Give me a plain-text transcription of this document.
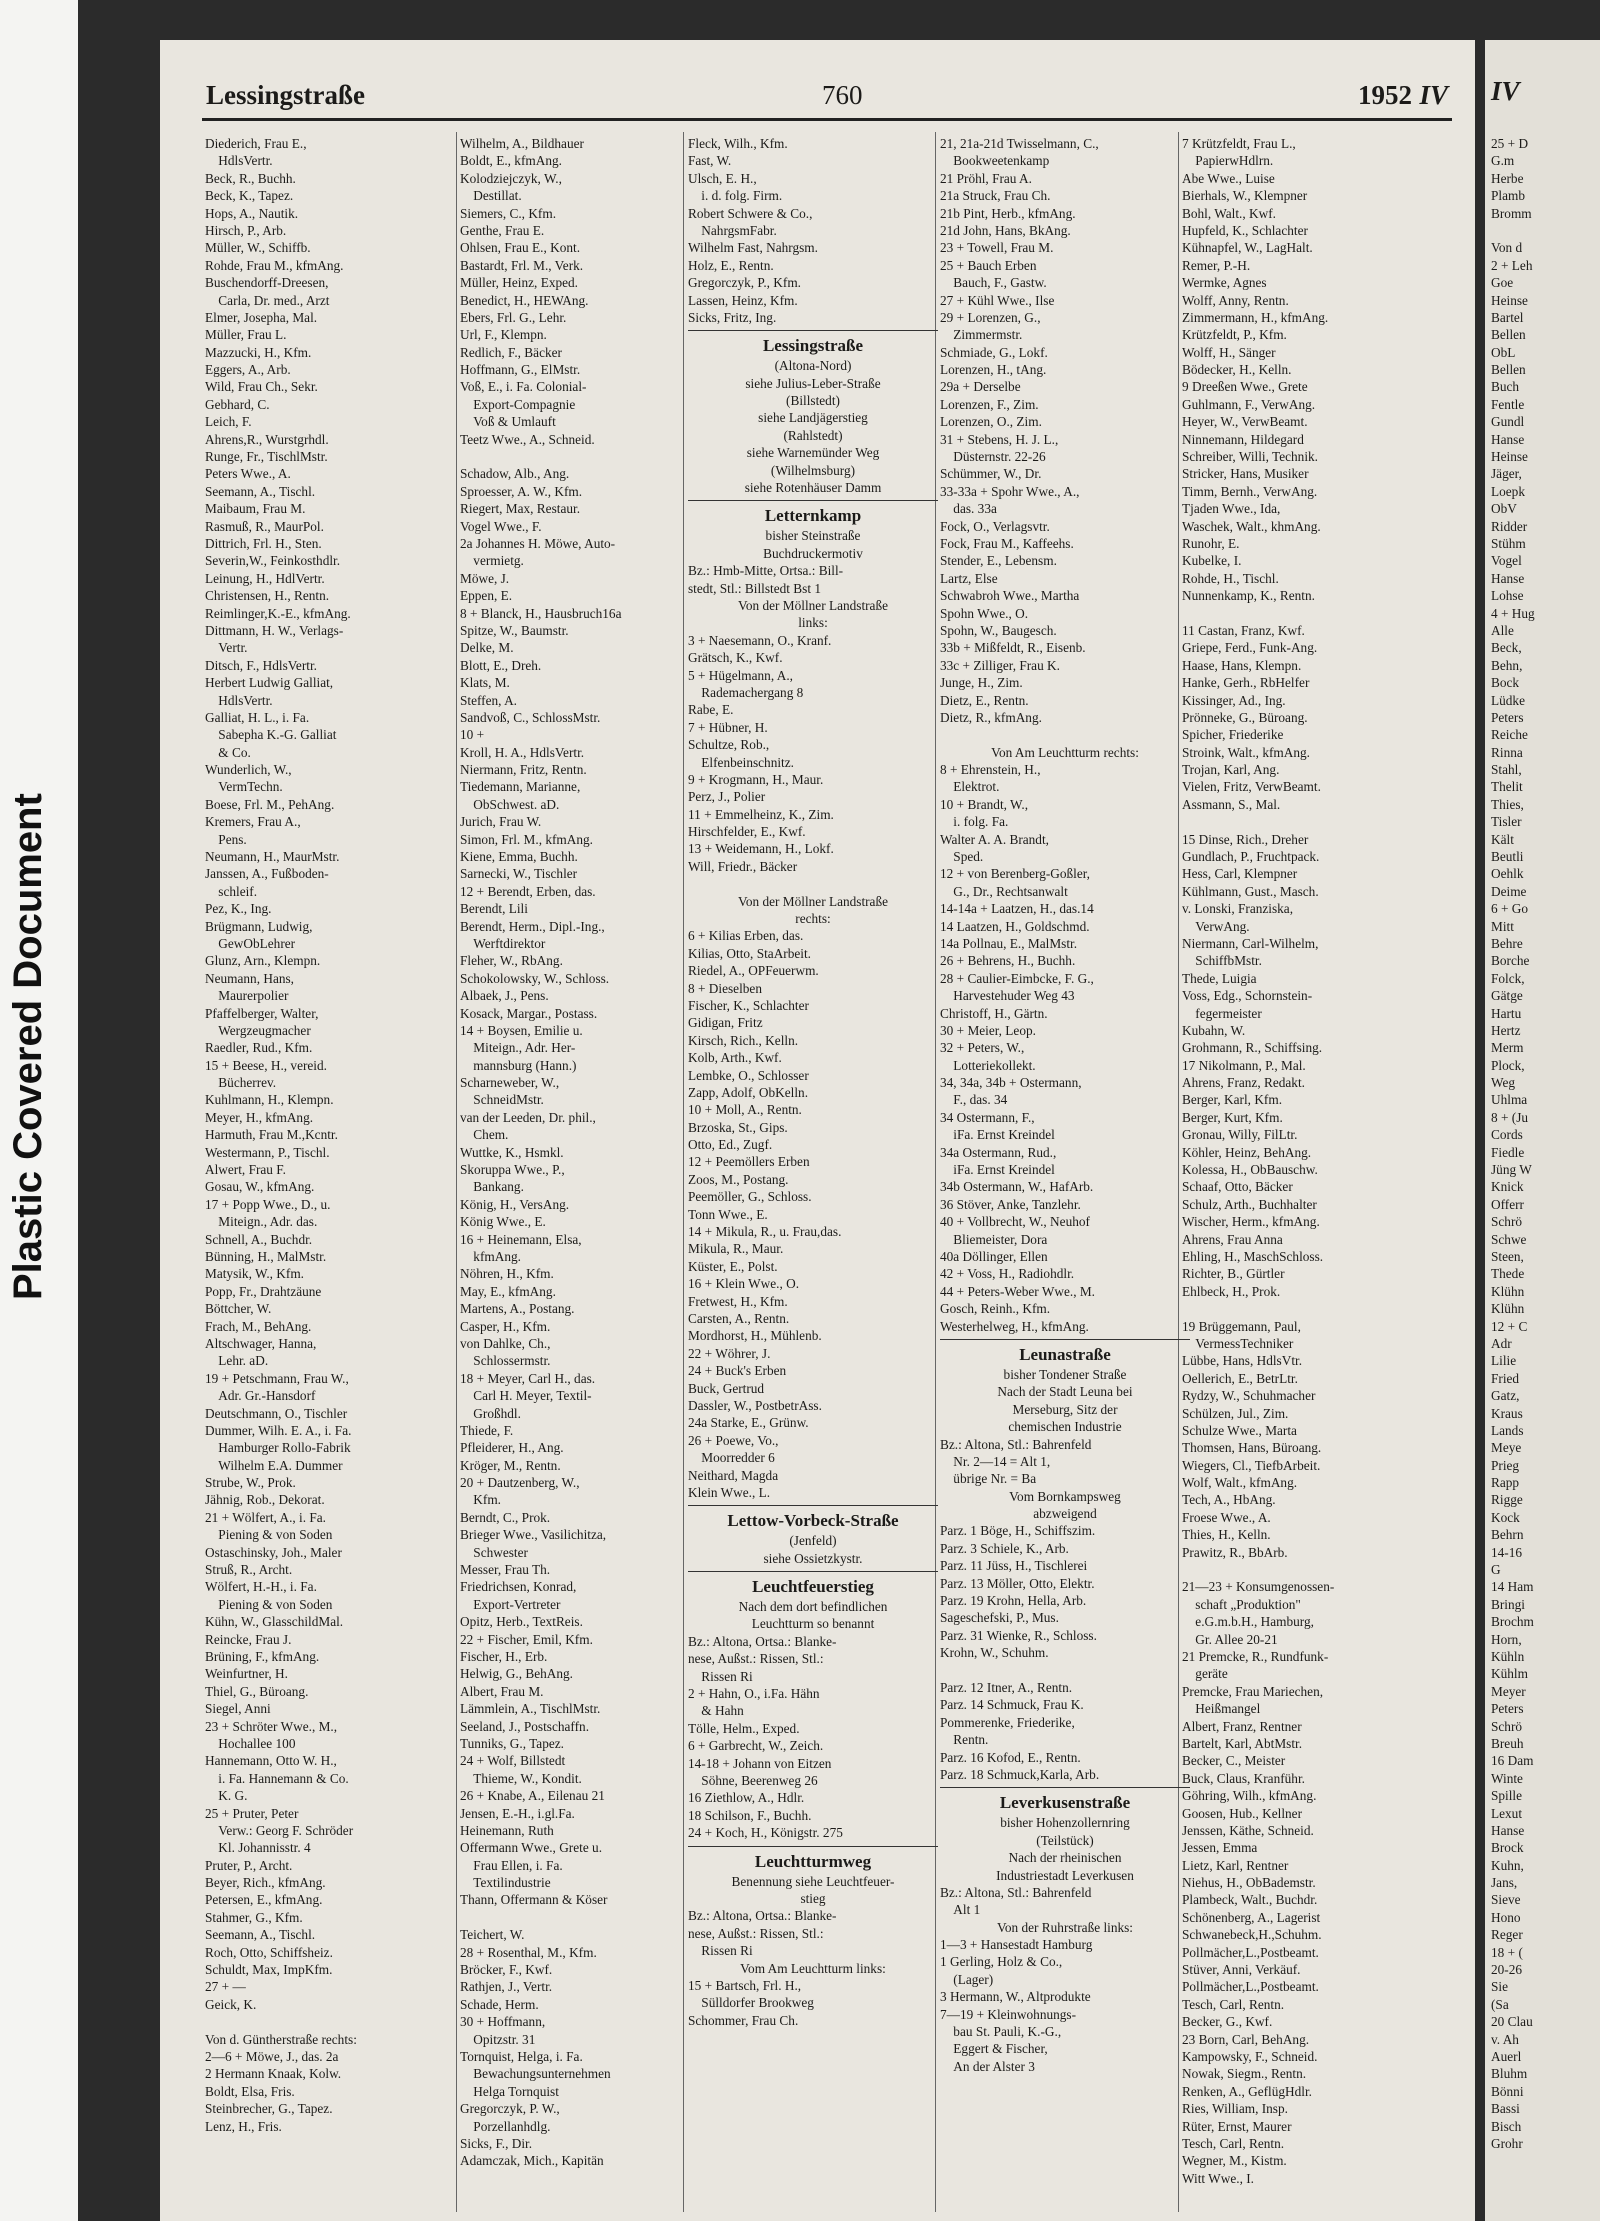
Plastic Covered Document
Lessingstraße	760	1952 IV
Diederich, Frau E.,
 HdlsVertr.
Beck, R., Buchh.
Beck, K., Tapez.
Hops, A., Nautik.
Hirsch, P., Arb.
Müller, W., Schiffb.
Rohde, Frau M., kfmAng.
Buschendorff-Dreesen,
 Carla, Dr. med., Arzt
Elmer, Josepha, Mal.
Müller, Frau L.
Mazzucki, H., Kfm.
Eggers, A., Arb.
Wild, Frau Ch., Sekr.
Gebhard, C.
Leich, F.
Ahrens,R., Wurstgrhdl.
Runge, Fr., TischlMstr.
Peters Wwe., A.
Seemann, A., Tischl.
Maibaum, Frau M.
Rasmuß, R., MaurPol.
Dittrich, Frl. H., Sten.
Severin,W., Feinkosthdlr.
Leinung, H., HdlVertr.
Christensen, H., Rentn.
Reimlinger,K.-E., kfmAng.
Dittmann, H. W., Verlags-
 Vertr.
Ditsch, F., HdlsVertr.
Herbert Ludwig Galliat,
 HdlsVertr.
Galliat, H. L., i. Fa.
 Sabepha K.-G. Galliat
 & Co.
Wunderlich, W.,
 VermTechn.
Boese, Frl. M., PehAng.
Kremers, Frau A.,
 Pens.
Neumann, H., MaurMstr.
Janssen, A., Fußboden-
 schleif.
Pez, K., Ing.
Brügmann, Ludwig,
 GewObLehrer
Glunz, Arn., Klempn.
Neumann, Hans,
 Maurerpolier
Pfaffelberger, Walter,
 Wergzeugmacher
Raedler, Rud., Kfm.
15 + Beese, H., vereid.
 Bücherrev.
Kuhlmann, H., Klempn.
Meyer, H., kfmAng.
Harmuth, Frau M.,Kcntr.
Westermann, P., Tischl.
Alwert, Frau F.
Gosau, W., kfmAng.
17 + Popp Wwe., D., u.
 Miteign., Adr. das.
Schnell, A., Buchdr.
Bünning, H., MalMstr.
Matysik, W., Kfm.
Popp, Fr., Drahtzäune
Böttcher, W.
Frach, M., BehAng.
Altschwager, Hanna,
 Lehr. aD.
19 + Petschmann, Frau W.,
 Adr. Gr.-Hansdorf
Deutschmann, O., Tischler
Dummer, Wilh. E. A., i. Fa.
 Hamburger Rollo-Fabrik
 Wilhelm E.A. Dummer
Strube, W., Prok.
Jähnig, Rob., Dekorat.
21 + Wölfert, A., i. Fa.
 Piening & von Soden
Ostaschinsky, Joh., Maler
Struß, R., Archt.
Wölfert, H.-H., i. Fa.
 Piening & von Soden
Kühn, W., GlasschildMal.
Reincke, Frau J.
Brüning, F., kfmAng.
Weinfurtner, H.
Thiel, G., Büroang.
Siegel, Anni
23 + Schröter Wwe., M.,
 Hochallee 100
Hannemann, Otto W. H.,
 i. Fa. Hannemann & Co.
 K. G.
25 + Pruter, Peter
 Verw.: Georg F. Schröder
 Kl. Johannisstr. 4
Pruter, P., Archt.
Beyer, Rich., kfmAng.
Petersen, E., kfmAng.
Stahmer, G., Kfm.
Seemann, A., Tischl.
Roch, Otto, Schiffsheiz.
Schuldt, Max, ImpKfm.
27 + —
Geick, K.

Von d. Güntherstraße rechts:
2—6 + Möwe, J., das. 2a
2 Hermann Knaak, Kolw.
Boldt, Elsa, Fris.
Steinbrecher, G., Tapez.
Lenz, H., Fris.
Wilhelm, A., Bildhauer
Boldt, E., kfmAng.
Kolodziejczyk, W.,
 Destillat.
Siemers, C., Kfm.
Genthe, Frau E.
Ohlsen, Frau E., Kont.
Bastardt, Frl. M., Verk.
Müller, Heinz, Exped.
Benedict, H., HEWAng.
Ebers, Frl. G., Lehr.
Url, F., Klempn.
Redlich, F., Bäcker
Hoffmann, G., ElMstr.
Voß, E., i. Fa. Colonial-
 Export-Compagnie
 Voß & Umlauft
Teetz Wwe., A., Schneid.

Schadow, Alb., Ang.
Sproesser, A. W., Kfm.
Riegert, Max, Restaur.
Vogel Wwe., F.
2a Johannes H. Möwe, Auto-
 vermietg.
Möwe, J.
Eppen, E.
8 + Blanck, H., Hausbruch16a
Spitze, W., Baumstr.
Delke, M.
Blott, E., Dreh.
Klats, M.
Steffen, A.
Sandvoß, C., SchlossMstr.
10 +
Kroll, H. A., HdlsVertr.
Niermann, Fritz, Rentn.
Tiedemann, Marianne,
 ObSchwest. aD.
Jurich, Frau W.
Simon, Frl. M., kfmAng.
Kiene, Emma, Buchh.
Sarnecki, W., Tischler
12 + Berendt, Erben, das.
Berendt, Lili
Berendt, Herm., Dipl.-Ing.,
 Werftdirektor
Fleher, W., RbAng.
Schokolowsky, W., Schloss.
Albaek, J., Pens.
Kosack, Margar., Postass.
14 + Boysen, Emilie u.
 Miteign., Adr. Her-
 mannsburg (Hann.)
Scharneweber, W.,
 SchneidMstr.
van der Leeden, Dr. phil.,
 Chem.
Wuttke, K., Hsmkl.
Skoruppa Wwe., P.,
 Bankang.
König, H., VersAng.
König Wwe., E.
16 + Heinemann, Elsa,
 kfmAng.
Nöhren, H., Kfm.
May, E., kfmAng.
Martens, A., Postang.
Casper, H., Kfm.
von Dahlke, Ch.,
 Schlossermstr.
18 + Meyer, Carl H., das.
 Carl H. Meyer, Textil-
 Großhdl.
Thiede, F.
Pfleiderer, H., Ang.
Kröger, M., Rentn.
20 + Dautzenberg, W.,
 Kfm.
Berndt, C., Prok.
Brieger Wwe., Vasilichitza,
 Schwester
Messer, Frau Th.
Friedrichsen, Konrad,
 Export-Vertreter
Opitz, Herb., TextReis.
22 + Fischer, Emil, Kfm.
Fischer, H., Erb.
Helwig, G., BehAng.
Albert, Frau M.
Lämmlein, A., TischlMstr.
Seeland, J., Postschaffn.
Tunniks, G., Tapez.
24 + Wolf, Billstedt
 Thieme, W., Kondit.
26 + Knabe, A., Eilenau 21
Jensen, E.-H., i.gl.Fa.
Heinemann, Ruth
Offermann Wwe., Grete u.
 Frau Ellen, i. Fa.
 Textilindustrie
Thann, Offermann & Köser

Teichert, W.
28 + Rosenthal, M., Kfm.
Bröcker, F., Kwf.
Rathjen, J., Vertr.
Schade, Herm.
30 + Hoffmann,
 Opitzstr. 31
Tornquist, Helga, i. Fa.
 Bewachungsunternehmen
 Helga Tornquist
Gregorczyk, P. W.,
 Porzellanhdlg.
Sicks, F., Dir.
Adamczak, Mich., Kapitän
Fleck, Wilh., Kfm.
Fast, W.
Ulsch, E. H.,
 i. d. folg. Firm.
Robert Schwere & Co.,
 NahrgsmFabr.
Wilhelm Fast, Nahrgsm.
Holz, E., Rentn.
Gregorczyk, P., Kfm.
Lassen, Heinz, Kfm.
Sicks, Fritz, Ing.
Lessingstraße
(Altona-Nord)
siehe Julius-Leber-Straße
(Billstedt)
siehe Landjägerstieg
(Rahlstedt)
siehe Warnemünder Weg
(Wilhelmsburg)
siehe Rotenhäuser Damm
Letternkamp
bisher Steinstraße
Buchdruckermotiv
Bz.: Hmb-Mitte, Ortsa.: Bill-
stedt, Stl.: Billstedt Bst 1
Von der Möllner Landstraße
links:
3 + Naesemann, O., Kranf.
Grätsch, K., Kwf.
5 + Hügelmann, A.,
 Rademachergang 8
Rabe, E.
7 + Hübner, H.
Schultze, Rob.,
 Elfenbeinschnitz.
9 + Krogmann, H., Maur.
Perz, J., Polier
11 + Emmelheinz, K., Zim.
Hirschfelder, E., Kwf.
13 + Weidemann, H., Lokf.
Will, Friedr., Bäcker

Von der Möllner Landstraße
rechts:
6 + Kilias Erben, das.
Kilias, Otto, StaArbeit.
Riedel, A., OPFeuerwm.
8 + Dieselben
Fischer, K., Schlachter
Gidigan, Fritz
Kirsch, Rich., Kelln.
Kolb, Arth., Kwf.
Lembke, O., Schlosser
Zapp, Adolf, ObKelln.
10 + Moll, A., Rentn.
Brzoska, St., Gips.
Otto, Ed., Zugf.
12 + Peemöllers Erben
Zoos, M., Postang.
Peemöller, G., Schloss.
Tonn Wwe., E.
14 + Mikula, R., u. Frau,das.
Mikula, R., Maur.
Küster, E., Polst.
16 + Klein Wwe., O.
Fretwest, H., Kfm.
Carsten, A., Rentn.
Mordhorst, H., Mühlenb.
22 + Wöhrer, J.
24 + Buck's Erben
Buck, Gertrud
Dassler, W., PostbetrAss.
24a Starke, E., Grünw.
26 + Poewe, Vo.,
 Moorredder 6
Neithard, Magda
Klein Wwe., L.
Lettow-Vorbeck-Straße
(Jenfeld)
siehe Ossietzkystr.
Leuchtfeuerstieg
Nach dem dort befindlichen
Leuchtturm so benannt
Bz.: Altona, Ortsa.: Blanke-
nese, Außst.: Rissen, Stl.:
 Rissen Ri
2 + Hahn, O., i.Fa. Hähn
 & Hahn
Tölle, Helm., Exped.
6 + Garbrecht, W., Zeich.
14-18 + Johann von Eitzen
 Söhne, Beerenweg 26
16 Ziethlow, A., Hdlr.
18 Schilson, F., Buchh.
24 + Koch, H., Königstr. 275
Leuchtturmweg
Benennung siehe Leuchtfeuer-
stieg
Bz.: Altona, Ortsa.: Blanke-
nese, Außst.: Rissen, Stl.:
 Rissen Ri
Vom Am Leuchtturm links:
15 + Bartsch, Frl. H.,
 Sülldorfer Brookweg
Schommer, Frau Ch.
21, 21a-21d Twisselmann, C.,
 Bookweetenkamp
21 Pröhl, Frau A.
21a Struck, Frau Ch.
21b Pint, Herb., kfmAng.
21d John, Hans, BkAng.
23 + Towell, Frau M.
25 + Bauch Erben
 Bauch, F., Gastw.
27 + Kühl Wwe., Ilse
29 + Lorenzen, G.,
 Zimmermstr.
Schmiade, G., Lokf.
Lorenzen, H., tAng.
29a + Derselbe
Lorenzen, F., Zim.
Lorenzen, O., Zim.
31 + Stebens, H. J. L.,
 Düsternstr. 22-26
Schümmer, W., Dr.
33-33a + Spohr Wwe., A.,
 das. 33a
Fock, O., Verlagsvtr.
Fock, Frau M., Kaffeehs.
Stender, E., Lebensm.
Lartz, Else
Schwabroh Wwe., Martha
Spohn Wwe., O.
Spohn, W., Baugesch.
33b + Mißfeldt, R., Eisenb.
33c + Zilliger, Frau K.
Junge, H., Zim.
Dietz, E., Rentn.
Dietz, R., kfmAng.

Von Am Leuchtturm rechts:
8 + Ehrenstein, H.,
 Elektrot.
10 + Brandt, W.,
 i. folg. Fa.
Walter A. A. Brandt,
 Sped.
12 + von Berenberg-Goßler,
 G., Dr., Rechtsanwalt
14-14a + Laatzen, H., das.14
14 Laatzen, H., Goldschmd.
14a Pollnau, E., MalMstr.
26 + Behrens, H., Buchh.
28 + Caulier-Eimbcke, F. G.,
 Harvestehuder Weg 43
Christoff, H., Gärtn.
30 + Meier, Leop.
32 + Peters, W.,
 Lotteriekollekt.
34, 34a, 34b + Ostermann,
 F., das. 34
34 Ostermann, F.,
 iFa. Ernst Kreindel
34a Ostermann, Rud.,
 iFa. Ernst Kreindel
34b Ostermann, W., HafArb.
36 Stöver, Anke, Tanzlehr.
40 + Vollbrecht, W., Neuhof
 Bliemeister, Dora
40a Döllinger, Ellen
42 + Voss, H., Radiohdlr.
44 + Peters-Weber Wwe., M.
Gosch, Reinh., Kfm.
Westerhelweg, H., kfmAng.
Leunastraße
bisher Tondener Straße
Nach der Stadt Leuna bei
Merseburg, Sitz der
chemischen Industrie
Bz.: Altona, Stl.: Bahrenfeld
 Nr. 2—14 = Alt 1,
 übrige Nr. = Ba
Vom Bornkampsweg
abzweigend
Parz. 1 Böge, H., Schiffszim.
Parz. 3 Schiele, K., Arb.
Parz. 11 Jüss, H., Tischlerei
Parz. 13 Möller, Otto, Elektr.
Parz. 19 Krohn, Hella, Arb.
Sageschefski, P., Mus.
Parz. 31 Wienke, R., Schloss.
Krohn, W., Schuhm.

Parz. 12 Itner, A., Rentn.
Parz. 14 Schmuck, Frau K.
Pommerenke, Friederike,
 Rentn.
Parz. 16 Kofod, E., Rentn.
Parz. 18 Schmuck,Karla, Arb.
Leverkusenstraße
bisher Hohenzollernring
(Teilstück)
Nach der rheinischen
Industriestadt Leverkusen
Bz.: Altona, Stl.: Bahrenfeld
 Alt 1
Von der Ruhrstraße links:
1—3 + Hansestadt Hamburg
1 Gerling, Holz & Co.,
 (Lager)
3 Hermann, W., Altprodukte
7—19 + Kleinwohnungs-
 bau St. Pauli, K.-G.,
 Eggert & Fischer,
 An der Alster 3
7 Krützfeldt, Frau L.,
 PapierwHdlrn.
Abe Wwe., Luise
Bierhals, W., Klempner
Bohl, Walt., Kwf.
Hupfeld, K., Schlachter
Kühnapfel, W., LagHalt.
Remer, P.-H.
Wermke, Agnes
Wolff, Anny, Rentn.
Zimmermann, H., kfmAng.
Krützfeldt, P., Kfm.
Wolff, H., Sänger
Bödecker, H., Kelln.
9 Dreeßen Wwe., Grete
Guhlmann, F., VerwAng.
Heyer, W., VerwBeamt.
Ninnemann, Hildegard
Schreiber, Willi, Technik.
Stricker, Hans, Musiker
Timm, Bernh., VerwAng.
Tjaden Wwe., Ida,
Waschek, Walt., khmAng.
Runohr, E.
Kubelke, I.
Rohde, H., Tischl.
Nunnenkamp, K., Rentn.

11 Castan, Franz, Kwf.
Griepe, Ferd., Funk-Ang.
Haase, Hans, Klempn.
Hanke, Gerh., RbHelfer
Kissinger, Ad., Ing.
Prönneke, G., Büroang.
Spicher, Friederike
Stroink, Walt., kfmAng.
Trojan, Karl, Ang.
Vielen, Fritz, VerwBeamt.
Assmann, S., Mal.

15 Dinse, Rich., Dreher
Gundlach, P., Fruchtpack.
Hess, Carl, Klempner
Kühlmann, Gust., Masch.
v. Lonski, Franziska,
 VerwAng.
Niermann, Carl-Wilhelm,
 SchiffbMstr.
Thede, Luigia
Voss, Edg., Schornstein-
 fegermeister
Kubahn, W.
Grohmann, R., Schiffsing.
17 Nikolmann, P., Mal.
Ahrens, Franz, Redakt.
Berger, Karl, Kfm.
Berger, Kurt, Kfm.
Gronau, Willy, FilLtr.
Köhler, Heinz, BehAng.
Kolessa, H., ObBauschw.
Schaaf, Otto, Bäcker
Schulz, Arth., Buchhalter
Wischer, Herm., kfmAng.
Ahrens, Frau Anna
Ehling, H., MaschSchloss.
Richter, B., Gürtler
Ehlbeck, H., Prok.

19 Brüggemann, Paul,
 VermessTechniker
Lübbe, Hans, HdlsVtr.
Oellerich, E., BetrLtr.
Rydzy, W., Schuhmacher
Schülzen, Jul., Zim.
Schulze Wwe., Marta
Thomsen, Hans, Büroang.
Wiegers, Cl., TiefbArbeit.
Wolf, Walt., kfmAng.
Tech, A., HbAng.
Froese Wwe., A.
Thies, H., Kelln.
Prawitz, R., BbArb.

21—23 + Konsumgenossen-
 schaft „Produktion"
 e.G.m.b.H., Hamburg,
 Gr. Allee 20-21
21 Premcke, R., Rundfunk-
 geräte
Premcke, Frau Mariechen,
 Heißmangel
Albert, Franz, Rentner
Bartelt, Karl, AbtMstr.
Becker, C., Meister
Buck, Claus, Kranführ.
Göhring, Wilh., kfmAng.
Goosen, Hub., Kellner
Jenssen, Käthe, Schneid.
Jessen, Emma
Lietz, Karl, Rentner
Niehus, H., ObBademstr.
Plambeck, Walt., Buchdr.
Schönenberg, A., Lagerist
Schwanebeck,H.,Schuhm.
Pollmächer,L.,Postbeamt.
Stüver, Anni, Verkäuf.
Pollmächer,L.,Postbeamt.
Tesch, Carl, Rentn.
Becker, G., Kwf.
23 Born, Carl, BehAng.
Kampowsky, F., Schneid.
Nowak, Siegm., Rentn.
Renken, A., GeflügHdlr.
Ries, William, Insp.
Rüter, Ernst, Maurer
Tesch, Carl, Rentn.
Wegner, M., Kistm.
Witt Wwe., I.
IV
25 + D
G.m
Herbe
Plamb
Bromm

Von d
2 + Leh
Goe
Heinse
Bartel
Bellen
ObL
Bellen
Buch
Fentle
Gundl
Hanse
Heinse
Jäger,
Loepk
ObV
Ridder
Stühm
Vogel
Hanse
Lohse
4 + Hug
Alle
Beck,
Behn,
Bock
Lüdke
Peters
Reiche
Rinna
Stahl,
Thelit
Thies,
Tisler
Kält
Beutli
Oehlk
Deime
6 + Go
Mitt
Behre
Borche
Folck,
Gätge
Hartu
Hertz
Merm
Plock,
Weg
Uhlma
8 + (Ju
Cords
Fiedle
Jüng W
Knick
Offerr
Schrö
Schwe
Steen,
Thede
Klühn
Klühn
12 + C
Adr
Lilie
Fried
Gatz,
Kraus
Lands
Meye
Prieg
Rapp
Rigge
Kock
Behrn
14-16
G
14 Ham
Bringi
Brochm
Horn,
Kühln
Kühlm
Meyer
Peters
Schrö
Breuh
16 Dam
Winte
Spille
Lexut
Hanse
Brock
Kuhn,
Jans,
Sieve
Hono
Reger
18 + (
20-26
Sie
(Sa
20 Clau
v. Ah
Auerl
Bluhm
Bönni
Bassi
Bisch
Grohr
